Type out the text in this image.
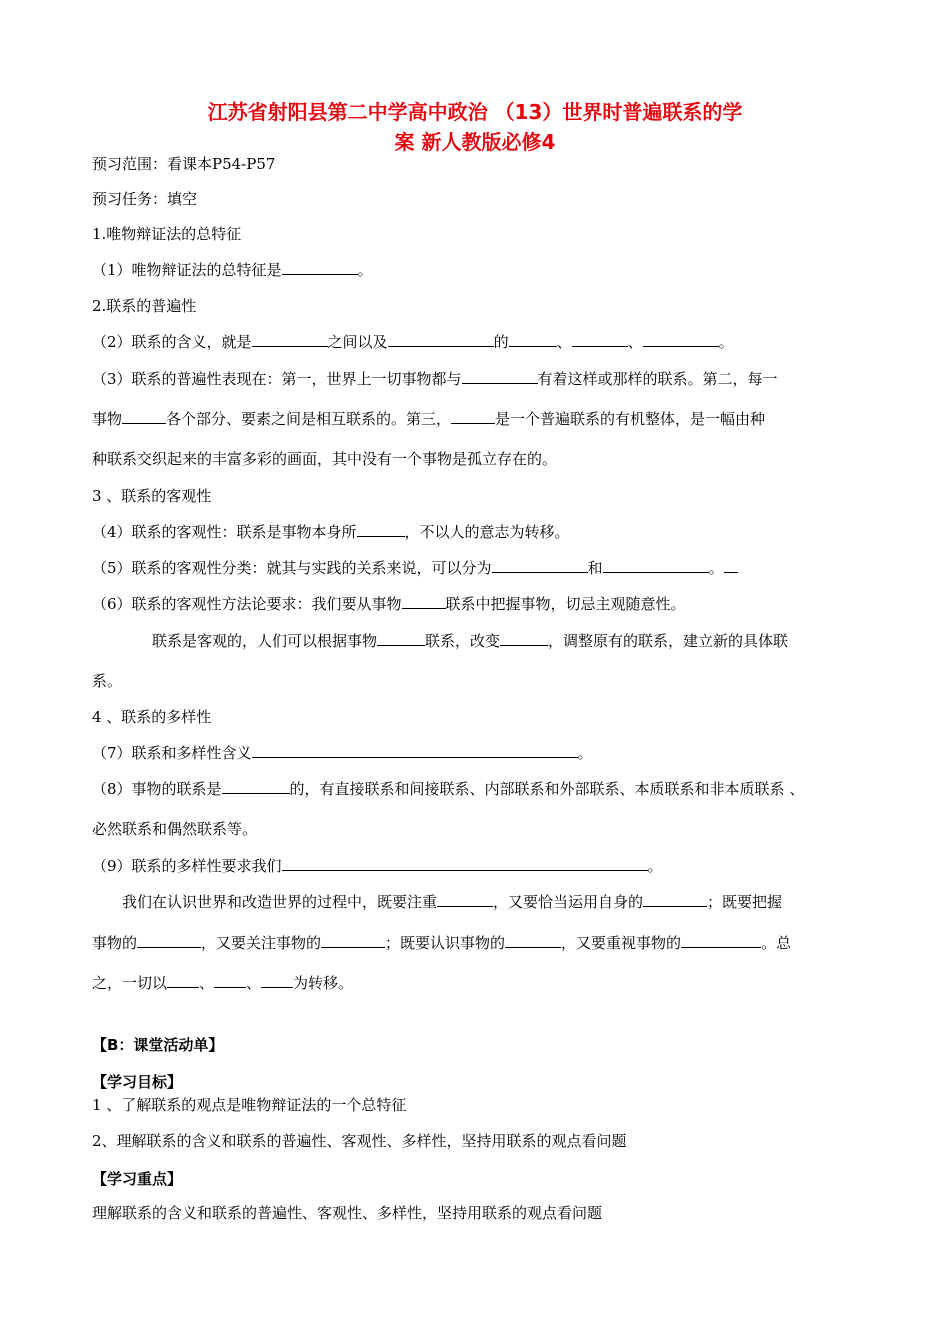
江苏省射阳县第二中学高中政治 （13）世界时普遍联系的学
案 新人教版必修4
预习范围：看课本P54-P57
预习任务：填空
1.唯物辩证法的总特征
（1）唯物辩证法的总特征是	。
2.联系的普遍性
（2）联系的含义，就是	之间以及	的	、	、	。
（3）联系的普遍性表现在：第一，世界上一切事物都与	有着这样或那样的联系。第二，每一
事物	各个部分、要素之间是相互联系的。第三，	是一个普遍联系的有机整体，是一幅由种
种联系交织起来的丰富多彩的画面，其中没有一个事物是孤立存在的。
3 、联系的客观性
（4）联系的客观性：联系是事物本身所	，不以人的意志为转移。
（5）联系的客观性分类：就其与实践的关系来说，可以分为	和	。
（6）联系的客观性方法论要求：我们要从事物	联系中把握事物，切忌主观随意性。
联系是客观的，人们可以根据事物	联系，改变	，调整原有的联系，建立新的具体联
系。
4 、联系的多样性
（7）联系和多样性含义	。
（8）事物的联系是	的，有直接联系和间接联系、内部联系和外部联系、本质联系和非本质联系 、
必然联系和偶然联系等。
（9）联系的多样性要求我们	。
我们在认识世界和改造世界的过程中，既要注重	，又要恰当运用自身的	；既要把握
事物的	，又要关注事物的	；既要认识事物的	，又要重视事物的	。总
之，一切以 、 、 为转移。
【B：课堂活动单】
【学习目标】
1 、了解联系的观点是唯物辩证法的一个总特征
2、理解联系的含义和联系的普遍性、客观性、多样性，坚持用联系的观点看问题
【学习重点】
理解联系的含义和联系的普遍性、客观性、多样性，坚持用联系的观点看问题
